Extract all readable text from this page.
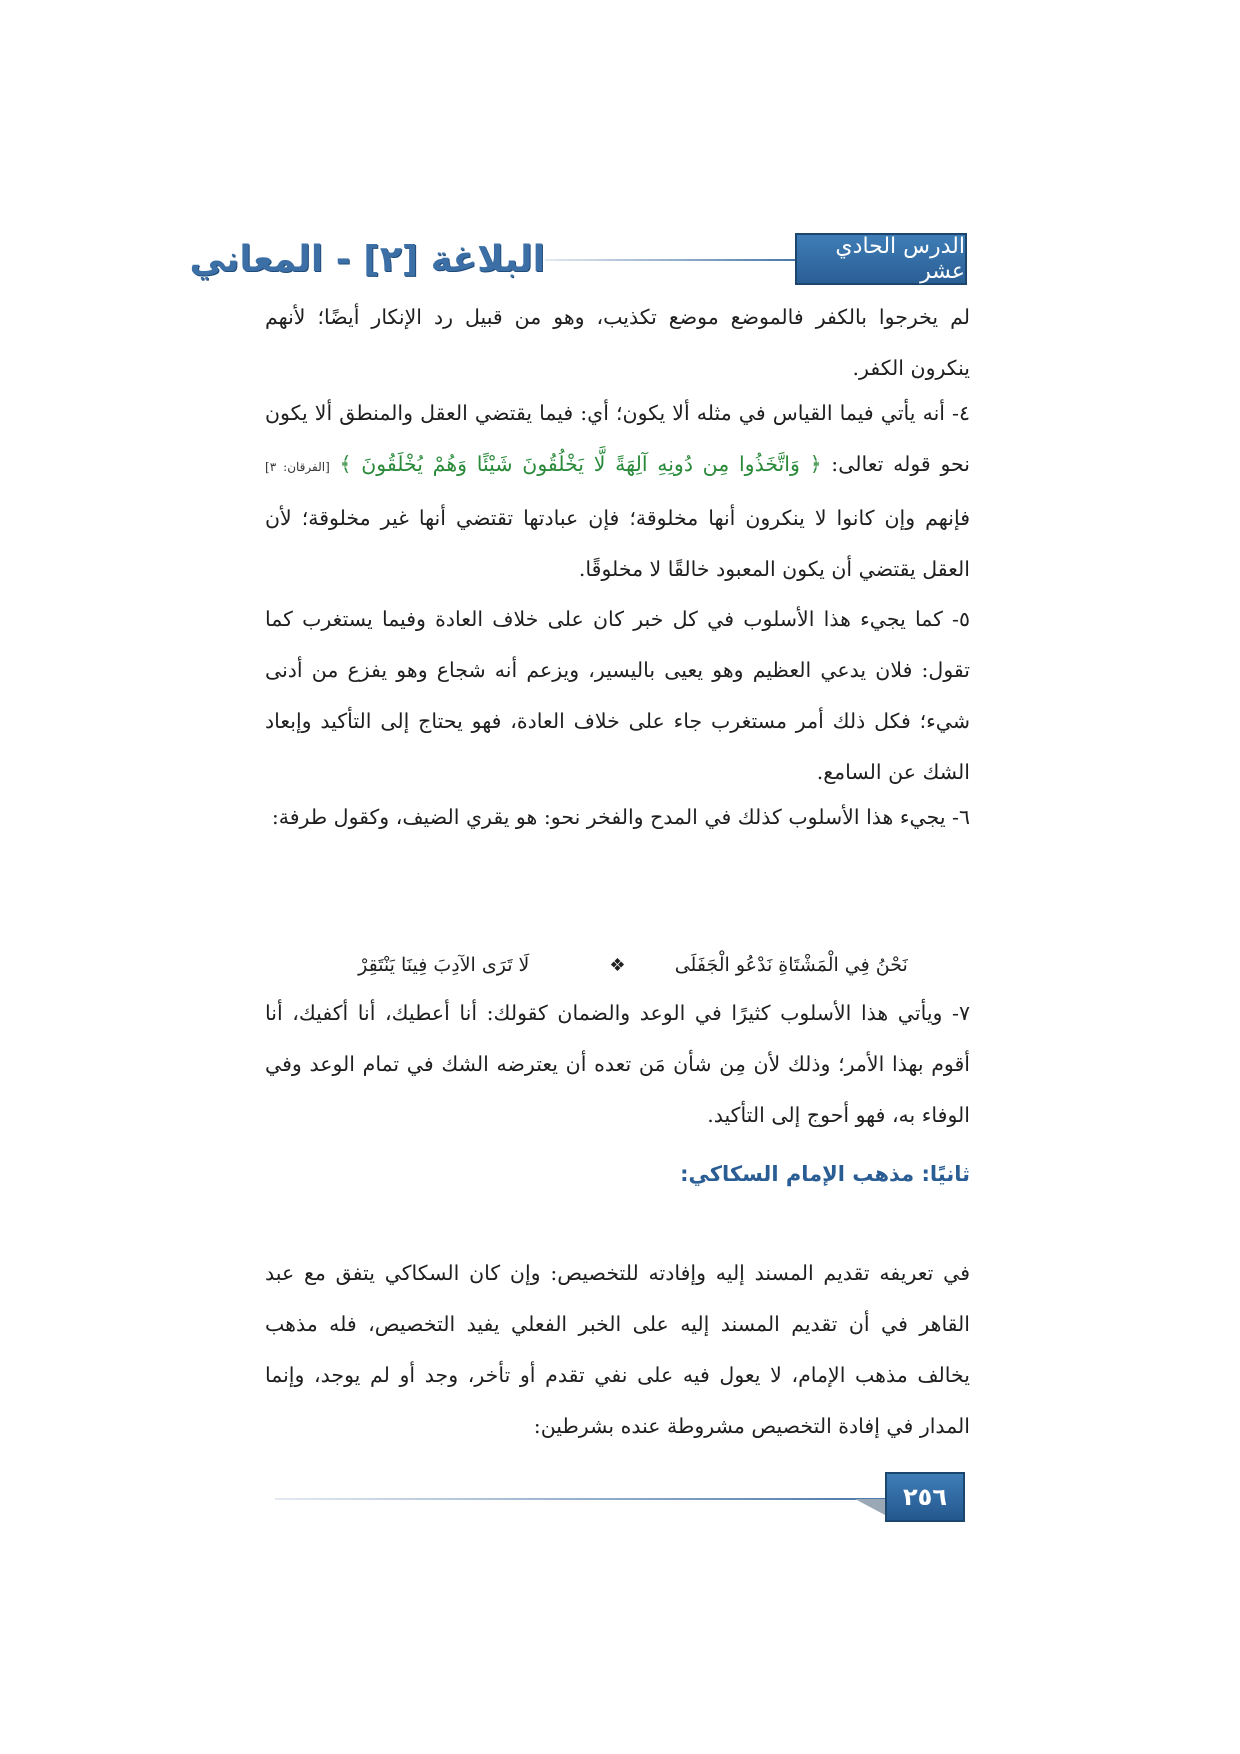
الدرس الحادي عشر
البلاغة [٢] - المعاني

لم يخرجوا بالكفر فالموضع موضع تكذيب، وهو من قبيل رد الإنكار أيضًا؛ لأنهم ينكرون الكفر.

٤- أنه يأتي فيما القياس في مثله ألا يكون؛ أي: فيما يقتضي العقل والمنطق ألا يكون نحو قوله تعالى: ﴿ وَاتَّخَذُوا مِن دُونِهِ آلِهَةً لَّا يَخْلُقُونَ شَيْئًا وَهُمْ يُخْلَقُونَ ﴾ [الفرقان: ٣] فإنهم وإن كانوا لا ينكرون أنها مخلوقة؛ فإن عبادتها تقتضي أنها غير مخلوقة؛ لأن العقل يقتضي أن يكون المعبود خالقًا لا مخلوقًا.

٥- كما يجيء هذا الأسلوب في كل خبر كان على خلاف العادة وفيما يستغرب كما تقول: فلان يدعي العظيم وهو يعيى باليسير، ويزعم أنه شجاع وهو يفزع من أدنى شيء؛ فكل ذلك أمر مستغرب جاء على خلاف العادة، فهو يحتاج إلى التأكيد وإبعاد الشك عن السامع.

٦- يجيء هذا الأسلوب كذلك في المدح والفخر نحو: هو يقري الضيف، وكقول طرفة:

نَحْنُ فِي الْمَشْتَاةِ نَدْعُو الْجَفَلَى
❖
لَا تَرَى الآدِبَ فِينَا يَنْتَقِرْ

٧- ويأتي هذا الأسلوب كثيرًا في الوعد والضمان كقولك: أنا أعطيك، أنا أكفيك، أنا أقوم بهذا الأمر؛ وذلك لأن مِن شأن مَن تعده أن يعترضه الشك في تمام الوعد وفي الوفاء به، فهو أحوج إلى التأكيد.

ثانيًا: مذهب الإمام السكاكي:

في تعريفه تقديم المسند إليه وإفادته للتخصيص: وإن كان السكاكي يتفق مع عبد القاهر في أن تقديم المسند إليه على الخبر الفعلي يفيد التخصيص، فله مذهب يخالف مذهب الإمام، لا يعول فيه على نفي تقدم أو تأخر، وجد أو لم يوجد، وإنما المدار في إفادة التخصيص مشروطة عنده بشرطين:

٢٥٦
